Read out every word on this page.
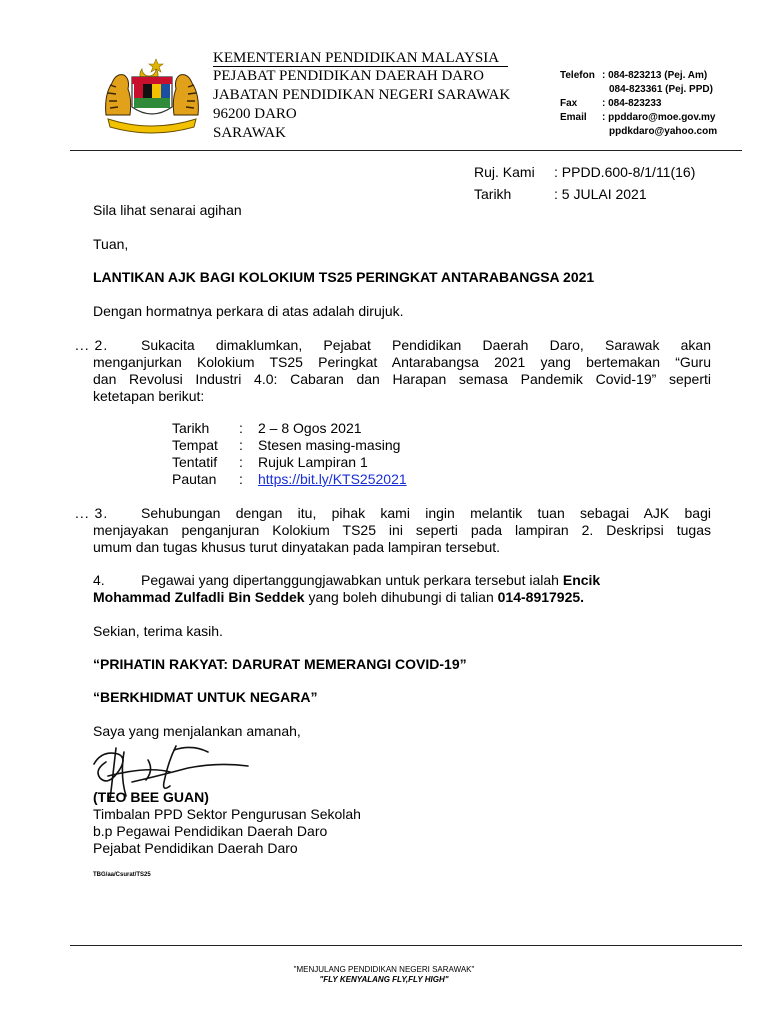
KEMENTERIAN PENDIDIKAN MALAYSIA
PEJABAT PENDIDIKAN DAERAH DARO
JABATAN PENDIDIKAN NEGERI SARAWAK
96200 DARO
SARAWAK
Telefon : 084-823213 (Pej. Am)
084-823361 (Pej. PPD)
Fax : 084-823233
Email : ppddaro@moe.gov.my
ppdkdaro@yahoo.com
Ruj. Kami : PPDD.600-8/1/11(16)
Tarikh	: 5 JULAI 2021
Sila lihat senarai agihan
Tuan,
LANTIKAN AJK BAGI KOLOKIUM TS25 PERINGKAT ANTARABANGSA 2021
Dengan hormatnya perkara di atas adalah dirujuk.
... 2. Sukacita dimaklumkan, Pejabat Pendidikan Daerah Daro, Sarawak akan
menganjurkan Kolokium TS25 Peringkat Antarabangsa 2021 yang bertemakan “Guru
dan Revolusi Industri 4.0: Cabaran dan Harapan semasa Pandemik Covid-19” seperti
ketetapan berikut:
Tarikh : 2 – 8 Ogos 2021
Tempat : Stesen masing-masing
Tentatif : Rujuk Lampiran 1
Pautan : https://bit.ly/KTS252021
... 3. Sehubungan dengan itu, pihak kami ingin melantik tuan sebagai AJK bagi
menjayakan penganjuran Kolokium TS25 ini seperti pada lampiran 2. Deskripsi tugas
umum dan tugas khusus turut dinyatakan pada lampiran tersebut.
4.	Pegawai yang dipertanggungjawabkan untuk perkara tersebut ialah Encik
Mohammad Zulfadli Bin Seddek yang boleh dihubungi di talian 014-8917925.
Sekian, terima kasih.
“PRIHATIN RAKYAT: DARURAT MEMERANGI COVID-19”
“BERKHIDMAT UNTUK NEGARA”
Saya yang menjalankan amanah,
(TEO BEE GUAN)
Timbalan PPD Sektor Pengurusan Sekolah
b.p Pegawai Pendidikan Daerah Daro
Pejabat Pendidikan Daerah Daro
TBG/aa/Csurat/TS25
"MENJULANG PENDIDIKAN NEGERI SARAWAK"
"FLY KENYALANG FLY,FLY HIGH"
